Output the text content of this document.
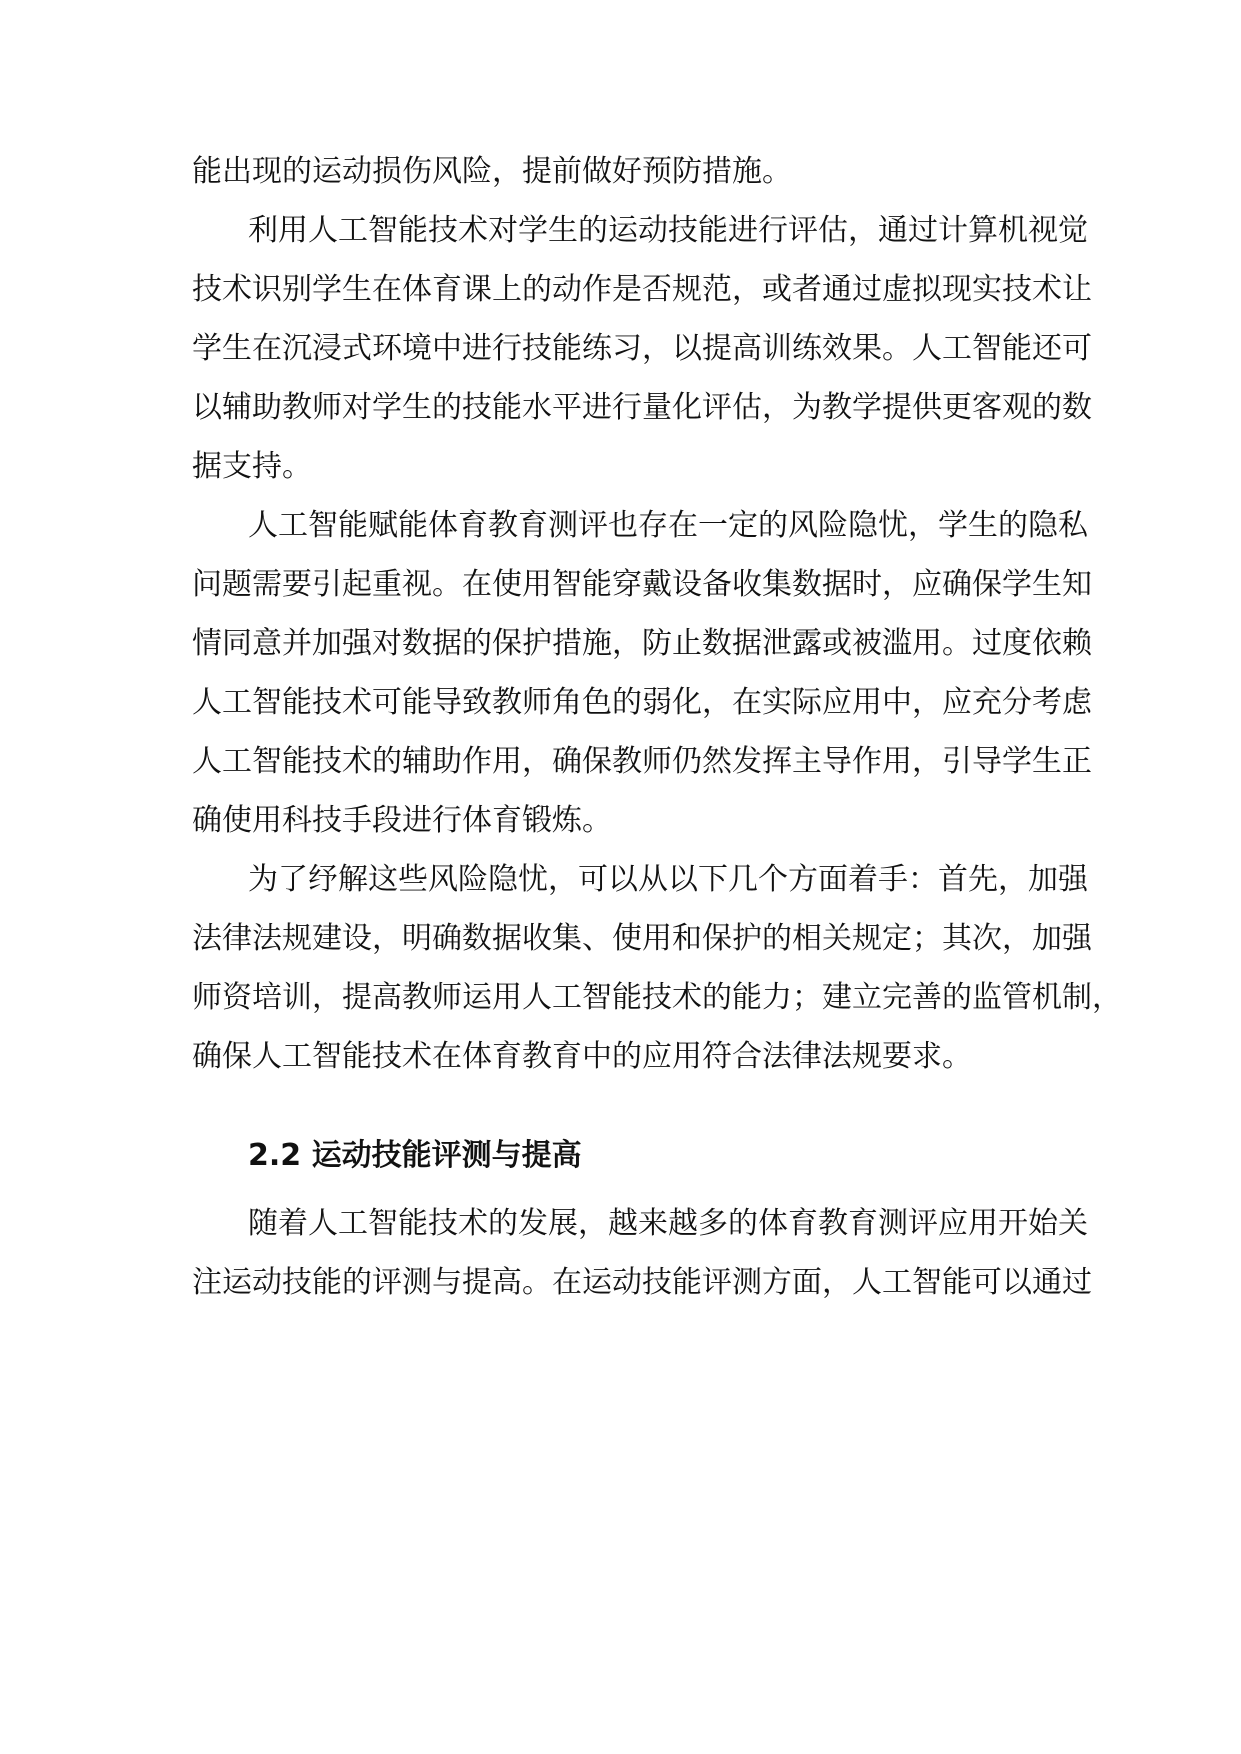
能出现的运动损伤风险，提前做好预防措施。
利用人工智能技术对学生的运动技能进行评估，通过计算机视觉
技术识别学生在体育课上的动作是否规范，或者通过虚拟现实技术让
学生在沉浸式环境中进行技能练习，以提高训练效果。人工智能还可
以辅助教师对学生的技能水平进行量化评估，为教学提供更客观的数
据支持。
人工智能赋能体育教育测评也存在一定的风险隐忧，学生的隐私
问题需要引起重视。在使用智能穿戴设备收集数据时，应确保学生知
情同意并加强对数据的保护措施，防止数据泄露或被滥用。过度依赖
人工智能技术可能导致教师角色的弱化，在实际应用中，应充分考虑
人工智能技术的辅助作用，确保教师仍然发挥主导作用，引导学生正
确使用科技手段进行体育锻炼。
为了纾解这些风险隐忧，可以从以下几个方面着手：首先，加强
法律法规建设，明确数据收集、使用和保护的相关规定；其次，加强
师资培训，提高教师运用人工智能技术的能力；建立完善的监管机制，
确保人工智能技术在体育教育中的应用符合法律法规要求。
2.2 运动技能评测与提高
随着人工智能技术的发展，越来越多的体育教育测评应用开始关
注运动技能的评测与提高。在运动技能评测方面，人工智能可以通过
